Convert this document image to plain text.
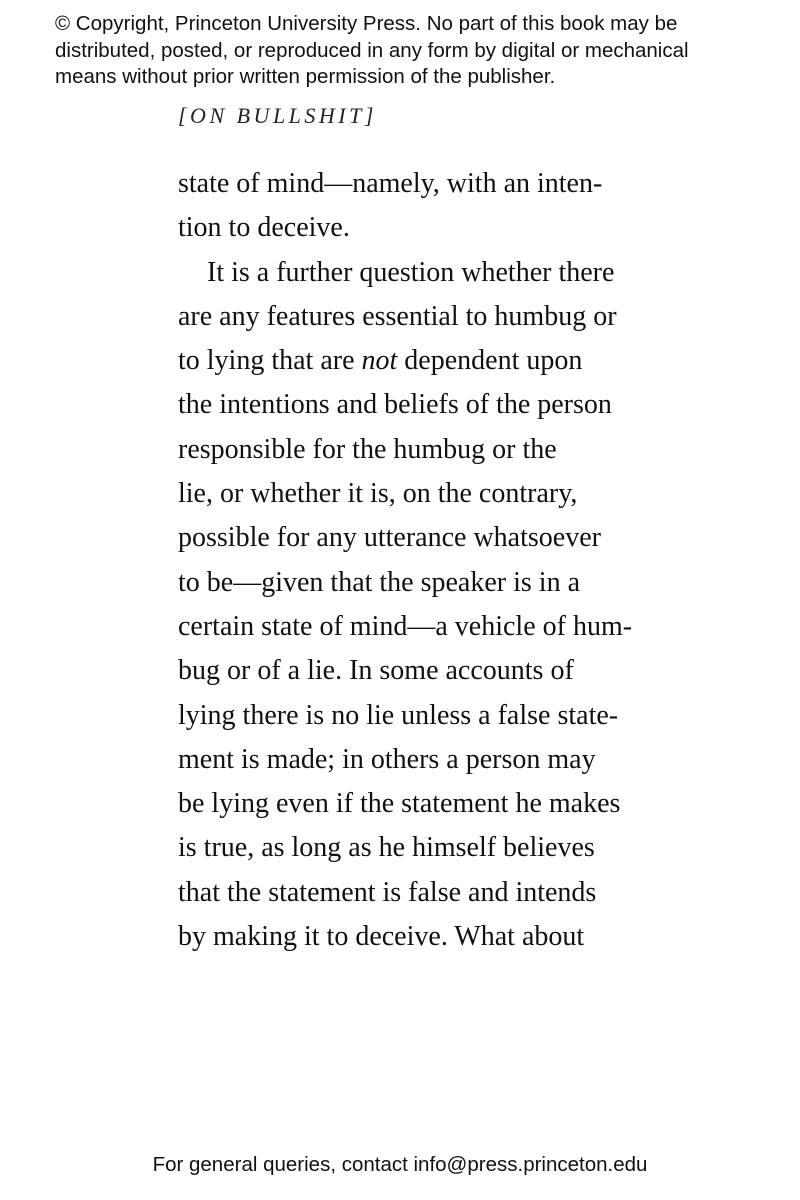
© Copyright, Princeton University Press. No part of this book may be
distributed, posted, or reproduced in any form by digital or mechanical
means without prior written permission of the publisher.
[ON BULLSHIT]
state of mind—namely, with an inten-
tion to deceive.
It is a further question whether there
are any features essential to humbug or
to lying that are not dependent upon
the intentions and beliefs of the person
responsible for the humbug or the
lie, or whether it is, on the contrary,
possible for any utterance whatsoever
to be—given that the speaker is in a
certain state of mind—a vehicle of hum-
bug or of a lie. In some accounts of
lying there is no lie unless a false state-
ment is made; in others a person may
be lying even if the statement he makes
is true, as long as he himself believes
that the statement is false and intends
by making it to deceive. What about
For general queries, contact info@press.princeton.edu
